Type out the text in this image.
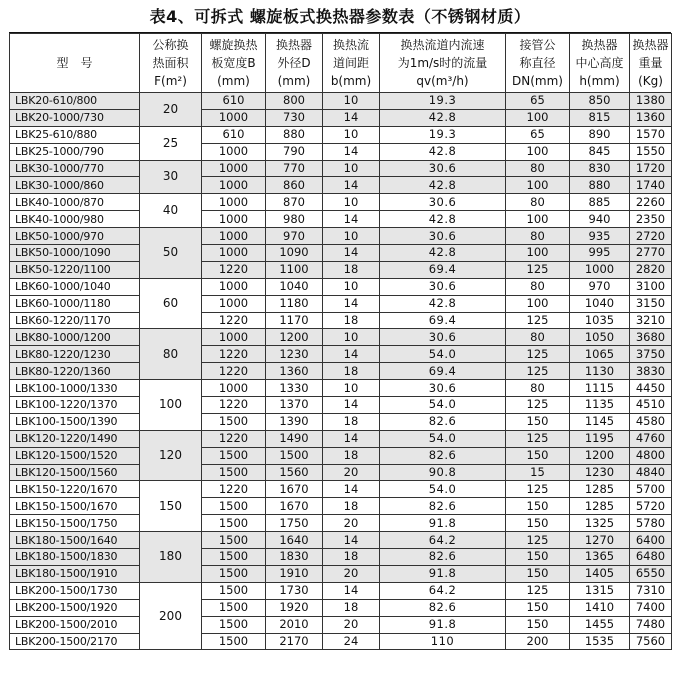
表4、可拆式 螺旋板式换热器参数表（不锈钢材质）
型　号	公称换
热面积
F(m²)	螺旋换热
板宽度B
(mm)	换热器
外径D
(mm)	换热流
道间距
b(mm)	换热流道内流速
为1m/s时的流量
qv(m³/h)	接管公
称直径
DN(mm)	换热器
中心高度
h(mm)	换热器
重量
(Kg)

LBK20-610/800	20	610	800	10	19.3	65	850	1380
LBK20-1000/730		1000	730	14	42.8	100	815	1360
LBK25-610/880	25	610	880	10	19.3	65	890	1570
LBK25-1000/790		1000	790	14	42.8	100	845	1550
LBK30-1000/770	30	1000	770	10	30.6	80	830	1720
LBK30-1000/860		1000	860	14	42.8	100	880	1740
LBK40-1000/870	40	1000	870	10	30.6	80	885	2260
LBK40-1000/980		1000	980	14	42.8	100	940	2350
LBK50-1000/970	50	1000	970	10	30.6	80	935	2720
LBK50-1000/1090		1000	1090	14	42.8	100	995	2770
LBK50-1220/1100		1220	1100	18	69.4	125	1000	2820
LBK60-1000/1040	60	1000	1040	10	30.6	80	970	3100
LBK60-1000/1180		1000	1180	14	42.8	100	1040	3150
LBK60-1220/1170		1220	1170	18	69.4	125	1035	3210
LBK80-1000/1200	80	1000	1200	10	30.6	80	1050	3680
LBK80-1220/1230		1220	1230	14	54.0	125	1065	3750
LBK80-1220/1360		1220	1360	18	69.4	125	1130	3830
LBK100-1000/1330	100	1000	1330	10	30.6	80	1115	4450
LBK100-1220/1370		1220	1370	14	54.0	125	1135	4510
LBK100-1500/1390		1500	1390	18	82.6	150	1145	4580
LBK120-1220/1490	120	1220	1490	14	54.0	125	1195	4760
LBK120-1500/1520		1500	1500	18	82.6	150	1200	4800
LBK120-1500/1560		1500	1560	20	90.8	15	1230	4840
LBK150-1220/1670	150	1220	1670	14	54.0	125	1285	5700
LBK150-1500/1670		1500	1670	18	82.6	150	1285	5720
LBK150-1500/1750		1500	1750	20	91.8	150	1325	5780
LBK180-1500/1640	180	1500	1640	14	64.2	125	1270	6400
LBK180-1500/1830		1500	1830	18	82.6	150	1365	6480
LBK180-1500/1910		1500	1910	20	91.8	150	1405	6550
LBK200-1500/1730	200	1500	1730	14	64.2	125	1315	7310
LBK200-1500/1920		1500	1920	18	82.6	150	1410	7400
LBK200-1500/2010		1500	2010	20	91.8	150	1455	7480
LBK200-1500/2170		1500	2170	24	110	200	1535	7560
